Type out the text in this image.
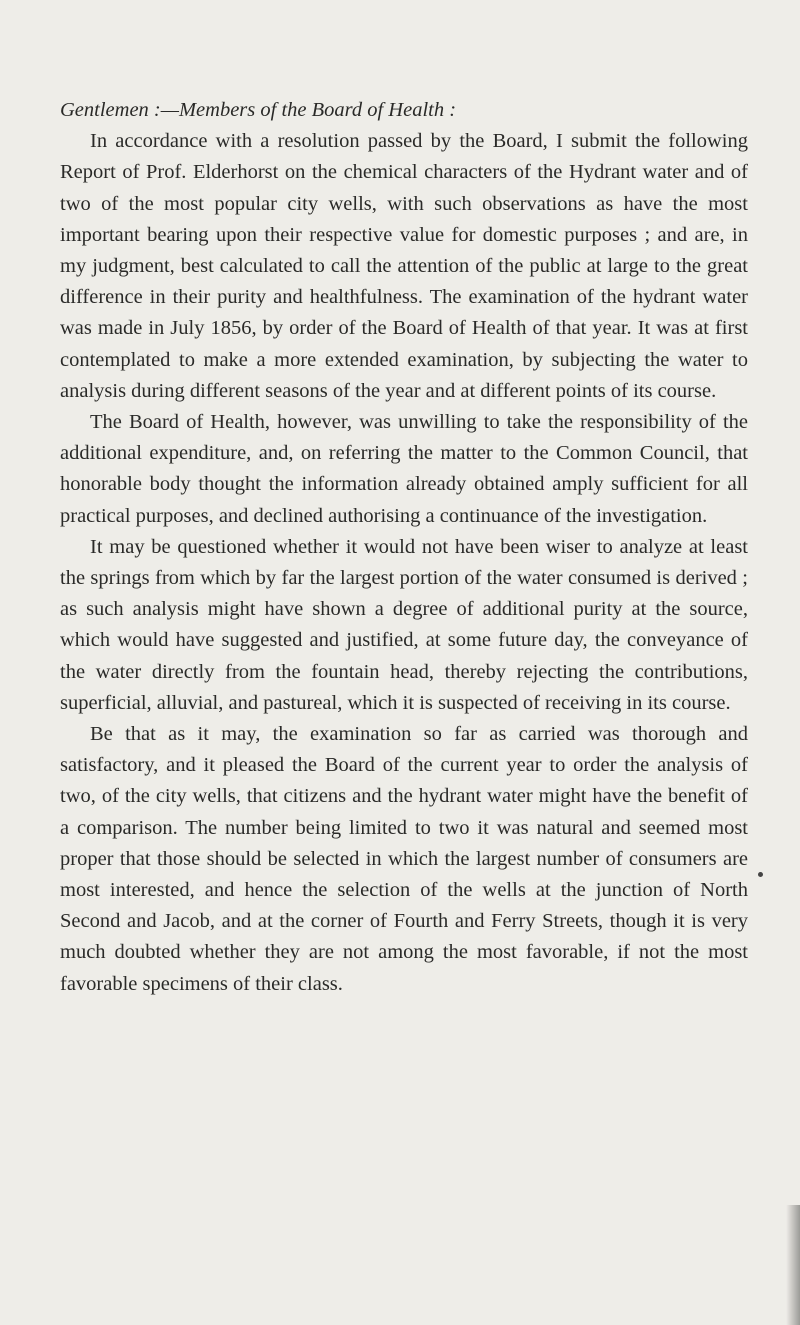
Gentlemen :—Members of the Board of Health :

In accordance with a resolution passed by the Board, I submit the following Report of Prof. Elderhorst on the chemical characters of the Hydrant water and of two of the most popular city wells, with such observations as have the most important bearing upon their respective value for domestic purposes ; and are, in my judgment, best calculated to call the attention of the public at large to the great difference in their purity and healthfulness. The examination of the hydrant water was made in July 1856, by order of the Board of Health of that year. It was at first contemplated to make a more extended examination, by subjecting the water to analysis during different seasons of the year and at different points of its course.

The Board of Health, however, was unwilling to take the responsibility of the additional expenditure, and, on referring the matter to the Common Council, that honorable body thought the information already obtained amply sufficient for all practical purposes, and declined authorising a continuance of the investigation.

It may be questioned whether it would not have been wiser to analyze at least the springs from which by far the largest portion of the water consumed is derived ; as such analysis might have shown a degree of additional purity at the source, which would have suggested and justified, at some future day, the conveyance of the water directly from the fountain head, thereby rejecting the contributions, superficial, alluvial, and pastureal, which it is suspected of receiving in its course.

Be that as it may, the examination so far as carried was thorough and satisfactory, and it pleased the Board of the current year to order the analysis of two, of the city wells, that citizens and the hydrant water might have the benefit of a comparison. The number being limited to two it was natural and seemed most proper that those should be selected in which the largest number of consumers are most interested, and hence the selection of the wells at the junction of North Second and Jacob, and at the corner of Fourth and Ferry Streets, though it is very much doubted whether they are not among the most favorable, if not the most favorable specimens of their class.
